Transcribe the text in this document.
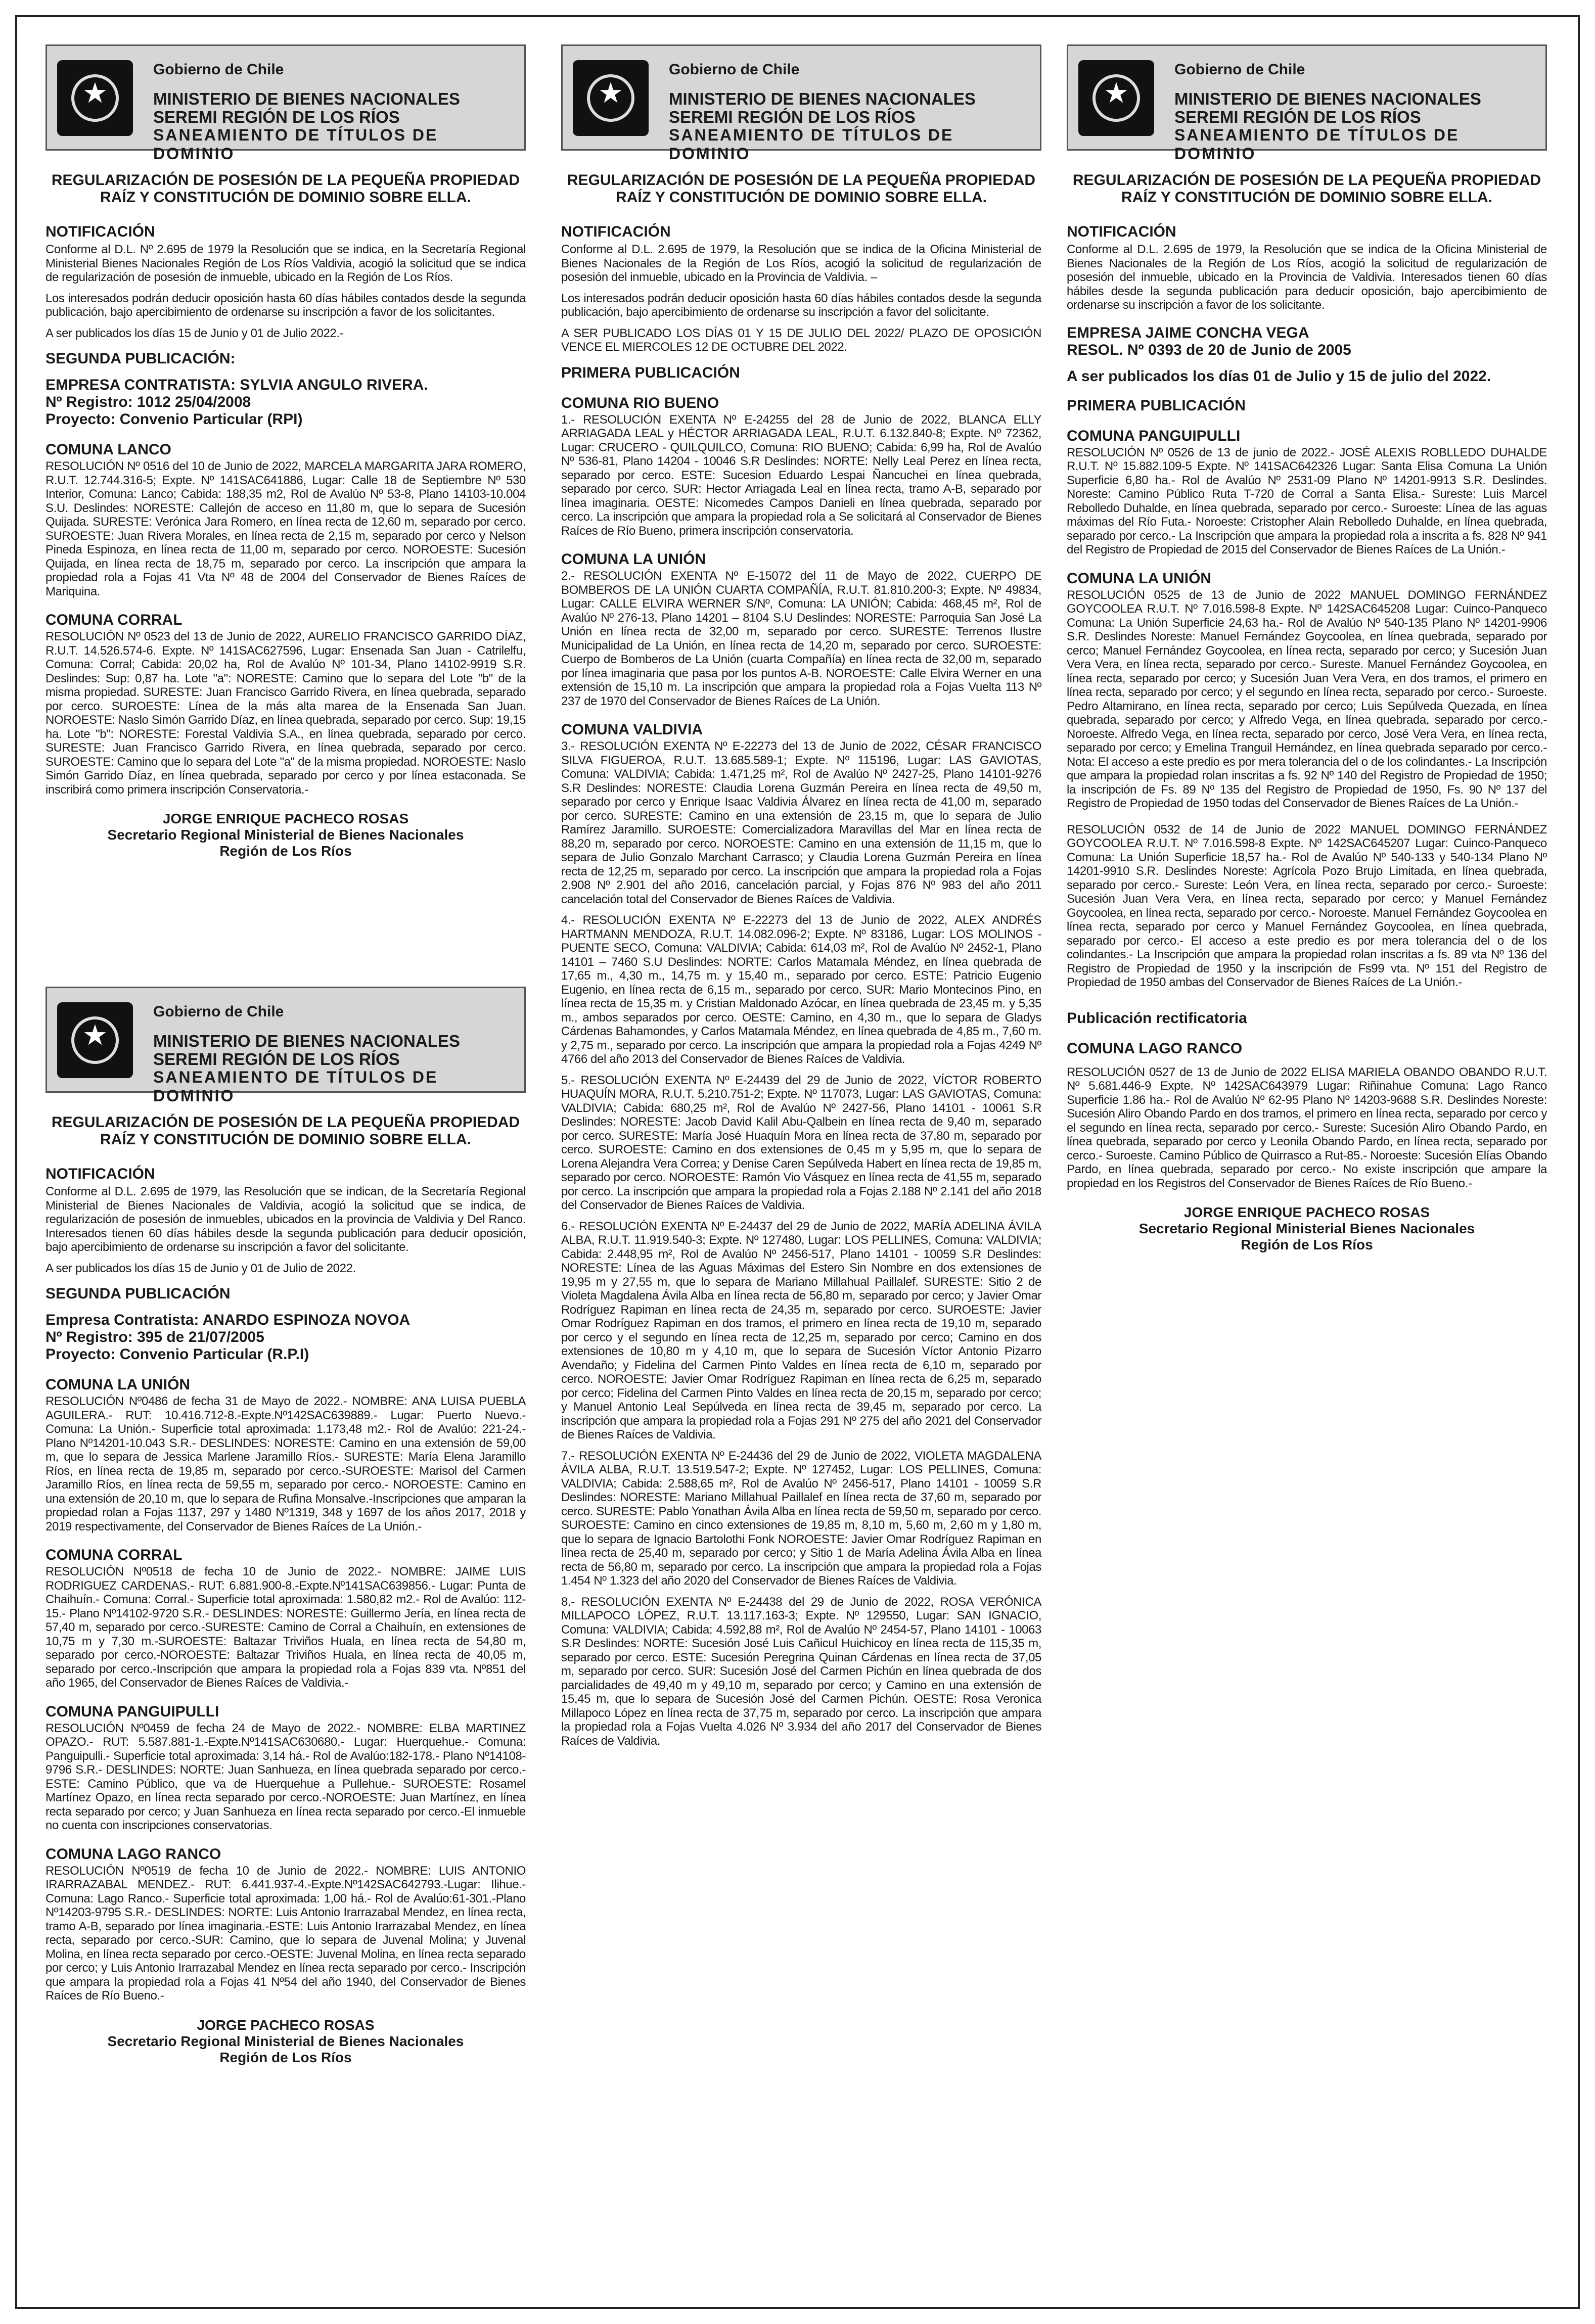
★
Gobierno de Chile
MINISTERIO DE BIENES NACIONALES
SEREMI REGIÓN DE LOS RÍOS
SANEAMIENTO DE TÍTULOS DE DOMINIO
REGULARIZACIÓN DE POSESIÓN DE LA PEQUEÑA PROPIEDAD RAÍZ Y CONSTITUCIÓN DE DOMINIO SOBRE ELLA.
NOTIFICACIÓN
Conforme al D.L. Nº 2.695 de 1979 la Resolución que se indica, en la Secretaría Regional Ministerial Bienes Nacionales Región de Los Ríos Valdivia, acogió la solicitud que se indica de regularización de posesión de inmueble, ubicado en la Región de Los Ríos.
Los interesados podrán deducir oposición hasta 60 días hábiles contados desde la segunda publicación, bajo apercibimiento de ordenarse su inscripción a favor de los solicitantes.
A ser publicados los días 15 de Junio y 01 de Julio 2022.-
SEGUNDA PUBLICACIÓN:
EMPRESA CONTRATISTA: SYLVIA ANGULO RIVERA.
Nº Registro: 1012 25/04/2008
Proyecto: Convenio Particular (RPI)
COMUNA LANCO
RESOLUCIÓN Nº 0516 del 10 de Junio de 2022, MARCELA MARGARITA JARA ROMERO, R.U.T. 12.744.316-5; Expte. Nº 141SAC641886, Lugar: Calle 18 de Septiembre Nº 530 Interior, Comuna: Lanco; Cabida: 188,35 m2, Rol de Avalúo Nº 53-8, Plano 14103-10.004 S.U. Deslindes: NORESTE: Callejón de acceso en 11,80 m, que lo separa de Sucesión Quijada. SURESTE: Verónica Jara Romero, en línea recta de 12,60 m, separado por cerco. SUROESTE: Juan Rivera Morales, en línea recta de 2,15 m, separado por cerco y Nelson Pineda Espinoza, en línea recta de 11,00 m, separado por cerco. NOROESTE: Sucesión Quijada, en línea recta de 18,75 m, separado por cerco. La inscripción que ampara la propiedad rola a Fojas 41 Vta Nº 48 de 2004 del Conservador de Bienes Raíces de Mariquina.
COMUNA CORRAL
RESOLUCIÓN Nº 0523 del 13 de Junio de 2022, AURELIO FRANCISCO GARRIDO DÍAZ, R.U.T. 14.526.574-6. Expte. Nº 141SAC627596, Lugar: Ensenada San Juan - Catrilelfu, Comuna: Corral; Cabida: 20,02 ha, Rol de Avalúo Nº 101-34, Plano 14102-9919 S.R. Deslindes: Sup: 0,87 ha. Lote "a": NORESTE: Camino que lo separa del Lote "b" de la misma propiedad. SURESTE: Juan Francisco Garrido Rivera, en línea quebrada, separado por cerco. SUROESTE: Línea de la más alta marea de la Ensenada San Juan. NOROESTE: Naslo Simón Garrido Díaz, en línea quebrada, separado por cerco. Sup: 19,15 ha. Lote "b": NORESTE: Forestal Valdivia S.A., en línea quebrada, separado por cerco. SURESTE: Juan Francisco Garrido Rivera, en línea quebrada, separado por cerco. SUROESTE: Camino que lo separa del Lote "a" de la misma propiedad. NOROESTE: Naslo Simón Garrido Díaz, en línea quebrada, separado por cerco y por línea estaconada. Se inscribirá como primera inscripción Conservatoria.-
JORGE ENRIQUE PACHECO ROSAS
Secretario Regional Ministerial de Bienes Nacionales
Región de Los Ríos
★
Gobierno de Chile
MINISTERIO DE BIENES NACIONALES
SEREMI REGIÓN DE LOS RÍOS
SANEAMIENTO DE TÍTULOS DE DOMINIO
REGULARIZACIÓN DE POSESIÓN DE LA PEQUEÑA PROPIEDAD RAÍZ Y CONSTITUCIÓN DE DOMINIO SOBRE ELLA.
NOTIFICACIÓN
Conforme al D.L. 2.695 de 1979, las Resolución que se indican, de la Secretaría Regional Ministerial de Bienes Nacionales de Valdivia, acogió la solicitud que se indica, de regularización de posesión de inmuebles, ubicados en la provincia de Valdivia y Del Ranco. Interesados tienen 60 días hábiles desde la segunda publicación para deducir oposición, bajo apercibimiento de ordenarse su inscripción a favor del solicitante.
A ser publicados los días 15 de Junio y 01 de Julio de 2022.
SEGUNDA PUBLICACIÓN
Empresa Contratista: ANARDO ESPINOZA NOVOA
Nº Registro: 395 de 21/07/2005
Proyecto: Convenio Particular (R.P.I)
COMUNA LA UNIÓN
RESOLUCIÓN Nº0486 de fecha 31 de Mayo de 2022.- NOMBRE: ANA LUISA PUEBLA AGUILERA.- RUT: 10.416.712-8.-Expte.Nº142SAC639889.- Lugar: Puerto Nuevo.- Comuna: La Unión.- Superficie total aproximada: 1.173,48 m2.- Rol de Avalúo: 221-24.- Plano Nº14201-10.043 S.R.- DESLINDES: NORESTE: Camino en una extensión de 59,00 m, que lo separa de Jessica Marlene Jaramillo Ríos.- SURESTE: María Elena Jaramillo Ríos, en línea recta de 19,85 m, separado por cerco.-SUROESTE: Marisol del Carmen Jaramillo Ríos, en línea recta de 59,55 m, separado por cerco.- NOROESTE: Camino en una extensión de 20,10 m, que lo separa de Rufina Monsalve.-Inscripciones que amparan la propiedad rolan a Fojas 1137, 297 y 1480 Nº1319, 348 y 1697 de los años 2017, 2018 y 2019 respectivamente, del Conservador de Bienes Raíces de La Unión.-
COMUNA CORRAL
RESOLUCIÓN Nº0518 de fecha 10 de Junio de 2022.- NOMBRE: JAIME LUIS RODRIGUEZ CARDENAS.- RUT: 6.881.900-8.-Expte.Nº141SAC639856.- Lugar: Punta de Chaihuín.- Comuna: Corral.- Superficie total aproximada: 1.580,82 m2.- Rol de Avalúo: 112-15.- Plano Nº14102-9720 S.R.- DESLINDES: NORESTE: Guillermo Jería, en línea recta de 57,40 m, separado por cerco.-SURESTE: Camino de Corral a Chaihuín, en extensiones de 10,75 m y 7,30 m.-SUROESTE: Baltazar Triviños Huala, en línea recta de 54,80 m, separado por cerco.-NOROESTE: Baltazar Triviños Huala, en línea recta de 40,05 m, separado por cerco.-Inscripción que ampara la propiedad rola a Fojas 839 vta. Nº851 del año 1965, del Conservador de Bienes Raíces de Valdivia.-
COMUNA PANGUIPULLI
RESOLUCIÓN Nº0459 de fecha 24 de Mayo de 2022.- NOMBRE: ELBA MARTINEZ OPAZO.- RUT: 5.587.881-1.-Expte.Nº141SAC630680.- Lugar: Huerquehue.- Comuna: Panguipulli.- Superficie total aproximada: 3,14 há.- Rol de Avalúo:182-178.- Plano Nº14108-9796 S.R.- DESLINDES: NORTE: Juan Sanhueza, en línea quebrada separado por cerco.-ESTE: Camino Público, que va de Huerquehue a Pullehue.- SUROESTE: Rosamel Martínez Opazo, en línea recta separado por cerco.-NOROESTE: Juan Martínez, en línea recta separado por cerco; y Juan Sanhueza en línea recta separado por cerco.-El inmueble no cuenta con inscripciones conservatorias.
COMUNA LAGO RANCO
RESOLUCIÓN Nº0519 de fecha 10 de Junio de 2022.- NOMBRE: LUIS ANTONIO IRARRAZABAL MENDEZ.- RUT: 6.441.937-4.-Expte.Nº142SAC642793.-Lugar: Ilihue.- Comuna: Lago Ranco.- Superficie total aproximada: 1,00 há.- Rol de Avalúo:61-301.-Plano Nº14203-9795 S.R.- DESLINDES: NORTE: Luis Antonio Irarrazabal Mendez, en línea recta, tramo A-B, separado por línea imaginaria.-ESTE: Luis Antonio Irarrazabal Mendez, en línea recta, separado por cerco.-SUR: Camino, que lo separa de Juvenal Molina; y Juvenal Molina, en línea recta separado por cerco.-OESTE: Juvenal Molina, en línea recta separado por cerco; y Luis Antonio Irarrazabal Mendez en línea recta separado por cerco.- Inscripción que ampara la propiedad rola a Fojas 41 Nº54 del año 1940, del Conservador de Bienes Raíces de Río Bueno.-
JORGE PACHECO ROSAS
Secretario Regional Ministerial de Bienes Nacionales
Región de Los Ríos
★
Gobierno de Chile
MINISTERIO DE BIENES NACIONALES
SEREMI REGIÓN DE LOS RÍOS
SANEAMIENTO DE TÍTULOS DE DOMINIO
REGULARIZACIÓN DE POSESIÓN DE LA PEQUEÑA PROPIEDAD RAÍZ Y CONSTITUCIÓN DE DOMINIO SOBRE ELLA.
NOTIFICACIÓN
Conforme al D.L. 2.695 de 1979, la Resolución que se indica de la Oficina Ministerial de Bienes Nacionales de la Región de Los Ríos, acogió la solicitud de regularización de posesión del inmueble, ubicado en la Provincia de Valdivia. –
Los interesados podrán deducir oposición hasta 60 días hábiles contados desde la segunda publicación, bajo apercibimiento de ordenarse su inscripción a favor del solicitante.
A SER PUBLICADO LOS DÍAS 01 Y 15 DE JULIO DEL 2022/ PLAZO DE OPOSICIÓN VENCE EL MIERCOLES 12 DE OCTUBRE DEL 2022.
PRIMERA PUBLICACIÓN
COMUNA RIO BUENO
1.- RESOLUCIÓN EXENTA Nº E-24255 del 28 de Junio de 2022, BLANCA ELLY ARRIAGADA LEAL y HÉCTOR ARRIAGADA LEAL, R.U.T. 6.132.840-8; Expte. Nº 72362, Lugar: CRUCERO - QUILQUILCO, Comuna: RIO BUENO; Cabida: 6,99 ha, Rol de Avalúo Nº 536-81, Plano 14204 - 10046 S.R Deslindes: NORTE: Nelly Leal Perez en línea recta, separado por cerco. ESTE: Sucesion Eduardo Lespai Ñancuchei en línea quebrada, separado por cerco. SUR: Hector Arriagada Leal en línea recta, tramo A-B, separado por línea imaginaria. OESTE: Nicomedes Campos Danieli en línea quebrada, separado por cerco. La inscripción que ampara la propiedad rola a Se solicitará al Conservador de Bienes Raíces de Río Bueno, primera inscripción conservatoria.
COMUNA LA UNIÓN
2.- RESOLUCIÓN EXENTA Nº E-15072 del 11 de Mayo de 2022, CUERPO DE BOMBEROS DE LA UNIÓN CUARTA COMPAÑÍA, R.U.T. 81.810.200-3; Expte. Nº 49834, Lugar: CALLE ELVIRA WERNER S/Nº, Comuna: LA UNIÓN; Cabida: 468,45 m², Rol de Avalúo Nº 276-13, Plano 14201 – 8104 S.U Deslindes: NORESTE: Parroquia San José La Unión en línea recta de 32,00 m, separado por cerco. SURESTE: Terrenos Ilustre Municipalidad de La Unión, en línea recta de 14,20 m, separado por cerco. SUROESTE: Cuerpo de Bomberos de La Unión (cuarta Compañía) en línea recta de 32,00 m, separado por línea imaginaria que pasa por los puntos A-B. NOROESTE: Calle Elvira Werner en una extensión de 15,10 m. La inscripción que ampara la propiedad rola a Fojas Vuelta 113 Nº 237 de 1970 del Conservador de Bienes Raíces de La Unión.
COMUNA VALDIVIA
3.- RESOLUCIÓN EXENTA Nº E-22273 del 13 de Junio de 2022, CÉSAR FRANCISCO SILVA FIGUEROA, R.U.T. 13.685.589-1; Expte. Nº 115196, Lugar: LAS GAVIOTAS, Comuna: VALDIVIA; Cabida: 1.471,25 m², Rol de Avalúo Nº 2427-25, Plano 14101-9276 S.R Deslindes: NORESTE: Claudia Lorena Guzmán Pereira en línea recta de 49,50 m, separado por cerco y Enrique Isaac Valdivia Álvarez en línea recta de 41,00 m, separado por cerco. SURESTE: Camino en una extensión de 23,15 m, que lo separa de Julio Ramírez Jaramillo. SUROESTE: Comercializadora Maravillas del Mar en línea recta de 88,20 m, separado por cerco. NOROESTE: Camino en una extensión de 11,15 m, que lo separa de Julio Gonzalo Marchant Carrasco; y Claudia Lorena Guzmán Pereira en línea recta de 12,25 m, separado por cerco. La inscripción que ampara la propiedad rola a Fojas 2.908 Nº 2.901 del año 2016, cancelación parcial, y Fojas 876 Nº 983 del año 2011 cancelación total del Conservador de Bienes Raíces de Valdivia.
4.- RESOLUCIÓN EXENTA Nº E-22273 del 13 de Junio de 2022, ALEX ANDRÉS HARTMANN MENDOZA, R.U.T. 14.082.096-2; Expte. Nº 83186, Lugar: LOS MOLINOS - PUENTE SECO, Comuna: VALDIVIA; Cabida: 614,03 m², Rol de Avalúo Nº 2452-1, Plano 14101 – 7460 S.U Deslindes: NORTE: Carlos Matamala Méndez, en línea quebrada de 17,65 m., 4,30 m., 14,75 m. y 15,40 m., separado por cerco. ESTE: Patricio Eugenio Eugenio, en línea recta de 6,15 m., separado por cerco. SUR: Mario Montecinos Pino, en línea recta de 15,35 m. y Cristian Maldonado Azócar, en línea quebrada de 23,45 m. y 5,35 m., ambos separados por cerco. OESTE: Camino, en 4,30 m., que lo separa de Gladys Cárdenas Bahamondes, y Carlos Matamala Méndez, en línea quebrada de 4,85 m., 7,60 m. y 2,75 m., separado por cerco. La inscripción que ampara la propiedad rola a Fojas 4249 Nº 4766 del año 2013 del Conservador de Bienes Raíces de Valdivia.
5.- RESOLUCIÓN EXENTA Nº E-24439 del 29 de Junio de 2022, VÍCTOR ROBERTO HUAQUÍN MORA, R.U.T. 5.210.751-2; Expte. Nº 117073, Lugar: LAS GAVIOTAS, Comuna: VALDIVIA; Cabida: 680,25 m², Rol de Avalúo Nº 2427-56, Plano 14101 - 10061 S.R Deslindes: NORESTE: Jacob David Kalil Abu-Qalbein en línea recta de 9,40 m, separado por cerco. SURESTE: María José Huaquín Mora en línea recta de 37,80 m, separado por cerco. SUROESTE: Camino en dos extensiones de 0,45 m y 5,95 m, que lo separa de Lorena Alejandra Vera Correa; y Denise Caren Sepúlveda Habert en línea recta de 19,85 m, separado por cerco. NOROESTE: Ramón Vio Vásquez en línea recta de 41,55 m, separado por cerco. La inscripción que ampara la propiedad rola a Fojas 2.188 Nº 2.141 del año 2018 del Conservador de Bienes Raíces de Valdivia.
6.- RESOLUCIÓN EXENTA Nº E-24437 del 29 de Junio de 2022, MARÍA ADELINA ÁVILA ALBA, R.U.T. 11.919.540-3; Expte. Nº 127480, Lugar: LOS PELLINES, Comuna: VALDIVIA; Cabida: 2.448,95 m², Rol de Avalúo Nº 2456-517, Plano 14101 - 10059 S.R Deslindes: NORESTE: Línea de las Aguas Máximas del Estero Sin Nombre en dos extensiones de 19,95 m y 27,55 m, que lo separa de Mariano Millahual Paillalef. SURESTE: Sitio 2 de Violeta Magdalena Ávila Alba en línea recta de 56,80 m, separado por cerco; y Javier Omar Rodríguez Rapiman en línea recta de 24,35 m, separado por cerco. SUROESTE: Javier Omar Rodríguez Rapiman en dos tramos, el primero en línea recta de 19,10 m, separado por cerco y el segundo en línea recta de 12,25 m, separado por cerco; Camino en dos extensiones de 10,80 m y 4,10 m, que lo separa de Sucesión Víctor Antonio Pizarro Avendaño; y Fidelina del Carmen Pinto Valdes en línea recta de 6,10 m, separado por cerco. NOROESTE: Javier Omar Rodríguez Rapiman en línea recta de 6,25 m, separado por cerco; Fidelina del Carmen Pinto Valdes en línea recta de 20,15 m, separado por cerco; y Manuel Antonio Leal Sepúlveda en línea recta de 39,45 m, separado por cerco. La inscripción que ampara la propiedad rola a Fojas 291 Nº 275 del año 2021 del Conservador de Bienes Raíces de Valdivia.
7.- RESOLUCIÓN EXENTA Nº E-24436 del 29 de Junio de 2022, VIOLETA MAGDALENA ÁVILA ALBA, R.U.T. 13.519.547-2; Expte. Nº 127452, Lugar: LOS PELLINES, Comuna: VALDIVIA; Cabida: 2.588,65 m², Rol de Avalúo Nº 2456-517, Plano 14101 - 10059 S.R Deslindes: NORESTE: Mariano Millahual Paillalef en línea recta de 37,60 m, separado por cerco. SURESTE: Pablo Yonathan Ávila Alba en línea recta de 59,50 m, separado por cerco. SUROESTE: Camino en cinco extensiones de 19,85 m, 8,10 m, 5,60 m, 2,60 m y 1,80 m, que lo separa de Ignacio Bartolothi Fonk NOROESTE: Javier Omar Rodríguez Rapiman en línea recta de 25,40 m, separado por cerco; y Sitio 1 de María Adelina Ávila Alba en línea recta de 56,80 m, separado por cerco. La inscripción que ampara la propiedad rola a Fojas 1.454 Nº 1.323 del año 2020 del Conservador de Bienes Raíces de Valdivia.
8.- RESOLUCIÓN EXENTA Nº E-24438 del 29 de Junio de 2022, ROSA VERÓNICA MILLAPOCO LÓPEZ, R.U.T. 13.117.163-3; Expte. Nº 129550, Lugar: SAN IGNACIO, Comuna: VALDIVIA; Cabida: 4.592,88 m², Rol de Avalúo Nº 2454-57, Plano 14101 - 10063 S.R Deslindes: NORTE: Sucesión José Luis Cañicul Huichicoy en línea recta de 115,35 m, separado por cerco. ESTE: Sucesión Peregrina Quinan Cárdenas en línea recta de 37,05 m, separado por cerco. SUR: Sucesión José del Carmen Pichún en línea quebrada de dos parcialidades de 49,40 m y 49,10 m, separado por cerco; y Camino en una extensión de 15,45 m, que lo separa de Sucesión José del Carmen Pichún. OESTE: Rosa Veronica Millapoco López en línea recta de 37,75 m, separado por cerco. La inscripción que ampara la propiedad rola a Fojas Vuelta 4.026 Nº 3.934 del año 2017 del Conservador de Bienes Raíces de Valdivia.
★
Gobierno de Chile
MINISTERIO DE BIENES NACIONALES
SEREMI REGIÓN DE LOS RÍOS
SANEAMIENTO DE TÍTULOS DE DOMINIO
REGULARIZACIÓN DE POSESIÓN DE LA PEQUEÑA PROPIEDAD RAÍZ Y CONSTITUCIÓN DE DOMINIO SOBRE ELLA.
NOTIFICACIÓN
Conforme al D.L. 2.695 de 1979, la Resolución que se indica de la Oficina Ministerial de Bienes Nacionales de la Región de Los Ríos, acogió la solicitud de regularización de posesión del inmueble, ubicado en la Provincia de Valdivia. Interesados tienen 60 días hábiles desde la segunda publicación para deducir oposición, bajo apercibimiento de ordenarse su inscripción a favor de los solicitante.
EMPRESA JAIME CONCHA VEGA
RESOL. Nº 0393 de 20 de Junio de 2005
A ser publicados los días 01 de Julio y 15 de julio del 2022.
PRIMERA PUBLICACIÓN
COMUNA PANGUIPULLI
RESOLUCIÓN Nº 0526 de 13 de junio de 2022.- JOSÉ ALEXIS ROBLLEDO DUHALDE R.U.T. Nº 15.882.109-5 Expte. Nº 141SAC642326 Lugar: Santa Elisa Comuna La Unión Superficie 6,80 ha.- Rol de Avalúo Nº 2531-09 Plano Nº 14201-9913 S.R. Deslindes. Noreste: Camino Público Ruta T-720 de Corral a Santa Elisa.- Sureste: Luis Marcel Rebolledo Duhalde, en línea quebrada, separado por cerco.- Suroeste: Línea de las aguas máximas del Río Futa.- Noroeste: Cristopher Alain Rebolledo Duhalde, en línea quebrada, separado por cerco.- La Inscripción que ampara la propiedad rola a inscrita a fs. 828 Nº 941 del Registro de Propiedad de 2015 del Conservador de Bienes Raíces de La Unión.-
COMUNA LA UNIÓN
RESOLUCIÓN 0525 de 13 de Junio de 2022 MANUEL DOMINGO FERNÁNDEZ GOYCOOLEA R.U.T. Nº 7.016.598-8 Expte. Nº 142SAC645208 Lugar: Cuinco-Panqueco Comuna: La Unión Superficie 24,63 ha.- Rol de Avalúo Nº 540-135 Plano Nº 14201-9906 S.R. Deslindes Noreste: Manuel Fernández Goycoolea, en línea quebrada, separado por cerco; Manuel Fernández Goycoolea, en línea recta, separado por cerco; y Sucesión Juan Vera Vera, en línea recta, separado por cerco.- Sureste. Manuel Fernández Goycoolea, en línea recta, separado por cerco; y Sucesión Juan Vera Vera, en dos tramos, el primero en línea recta, separado por cerco; y el segundo en línea recta, separado por cerco.- Suroeste. Pedro Altamirano, en línea recta, separado por cerco; Luis Sepúlveda Quezada, en línea quebrada, separado por cerco; y Alfredo Vega, en línea quebrada, separado por cerco.- Noroeste. Alfredo Vega, en línea recta, separado por cerco, José Vera Vera, en línea recta, separado por cerco; y Emelina Tranguil Hernández, en línea quebrada separado por cerco.- Nota: El acceso a este predio es por mera tolerancia del o de los colindantes.- La Inscripción que ampara la propiedad rolan inscritas a fs. 92 Nº 140 del Registro de Propiedad de 1950; la inscripción de Fs. 89 Nº 135 del Registro de Propiedad de 1950, Fs. 90 Nº 137 del Registro de Propiedad de 1950 todas del Conservador de Bienes Raíces de La Unión.-
RESOLUCIÓN 0532 de 14 de Junio de 2022 MANUEL DOMINGO FERNÁNDEZ GOYCOOLEA R.U.T. Nº 7.016.598-8 Expte. Nº 142SAC645207 Lugar: Cuinco-Panqueco Comuna: La Unión Superficie 18,57 ha.- Rol de Avalúo Nº 540-133 y 540-134 Plano Nº 14201-9910 S.R. Deslindes Noreste: Agrícola Pozo Brujo Limitada, en línea quebrada, separado por cerco.- Sureste: León Vera, en línea recta, separado por cerco.- Suroeste: Sucesión Juan Vera Vera, en línea recta, separado por cerco; y Manuel Fernández Goycoolea, en línea recta, separado por cerco.- Noroeste. Manuel Fernández Goycoolea en línea recta, separado por cerco y Manuel Fernández Goycoolea, en línea quebrada, separado por cerco.- El acceso a este predio es por mera tolerancia del o de los colindantes.- La Inscripción que ampara la propiedad rolan inscritas a fs. 89 vta Nº 136 del Registro de Propiedad de 1950 y la inscripción de Fs99 vta. Nº 151 del Registro de Propiedad de 1950 ambas del Conservador de Bienes Raíces de La Unión.-
Publicación rectificatoria
COMUNA LAGO RANCO
RESOLUCIÓN 0527 de 13 de Junio de 2022 ELISA MARIELA OBANDO OBANDO R.U.T. Nº 5.681.446-9 Expte. Nº 142SAC643979 Lugar: Riñinahue Comuna: Lago Ranco Superficie 1.86 ha.- Rol de Avalúo Nº 62-95 Plano Nº 14203-9688 S.R. Deslindes Noreste: Sucesión Aliro Obando Pardo en dos tramos, el primero en línea recta, separado por cerco y el segundo en línea recta, separado por cerco.- Sureste: Sucesión Aliro Obando Pardo, en línea quebrada, separado por cerco y Leonila Obando Pardo, en línea recta, separado por cerco.- Suroeste. Camino Público de Quirrasco a Rut-85.- Noroeste: Sucesión Elías Obando Pardo, en línea quebrada, separado por cerco.- No existe inscripción que ampare la propiedad en los Registros del Conservador de Bienes Raíces de Río Bueno.-
JORGE ENRIQUE PACHECO ROSAS
Secretario Regional Ministerial Bienes Nacionales
Región de Los Ríos
